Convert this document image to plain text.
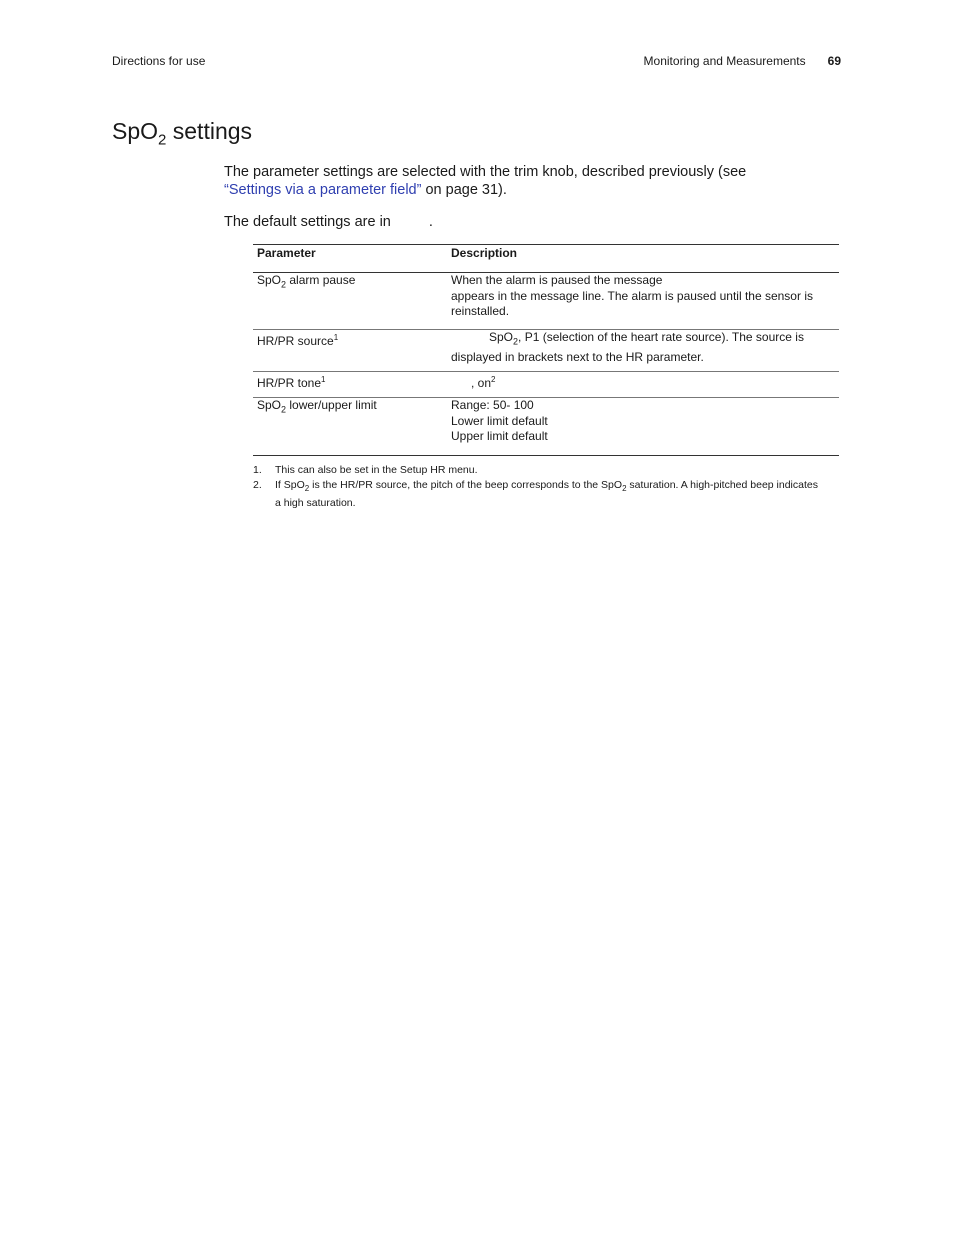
Directions for use	Monitoring and Measurements 69
SpO$_2$ settings

The parameter settings are selected with the trim knob, described previously (see
“Settings via a parameter field” on page 31).

The default settings are in	.

Parameter	Description
SpO$_2$ alarm pause	When the alarm is paused the message
appears in the message line. The alarm is paused until the sensor is
reinstalled.
HR/PR source$^1$	SpO$_2$, P1 (selection of the heart rate source). The source is
displayed in brackets next to the HR parameter.
HR/PR tone$^1$	, $on^2$
SpO$_2$ lower/upper limit	Range: 50- 100
Lower limit default
Upper limit default
1. This can also be set in the Setup HR menu.
2. If SpO$_2$ is the HR/PR source, the pitch of the beep corresponds to the SpO$_2$ saturation. A high-pitched beep indicates a high saturation.
